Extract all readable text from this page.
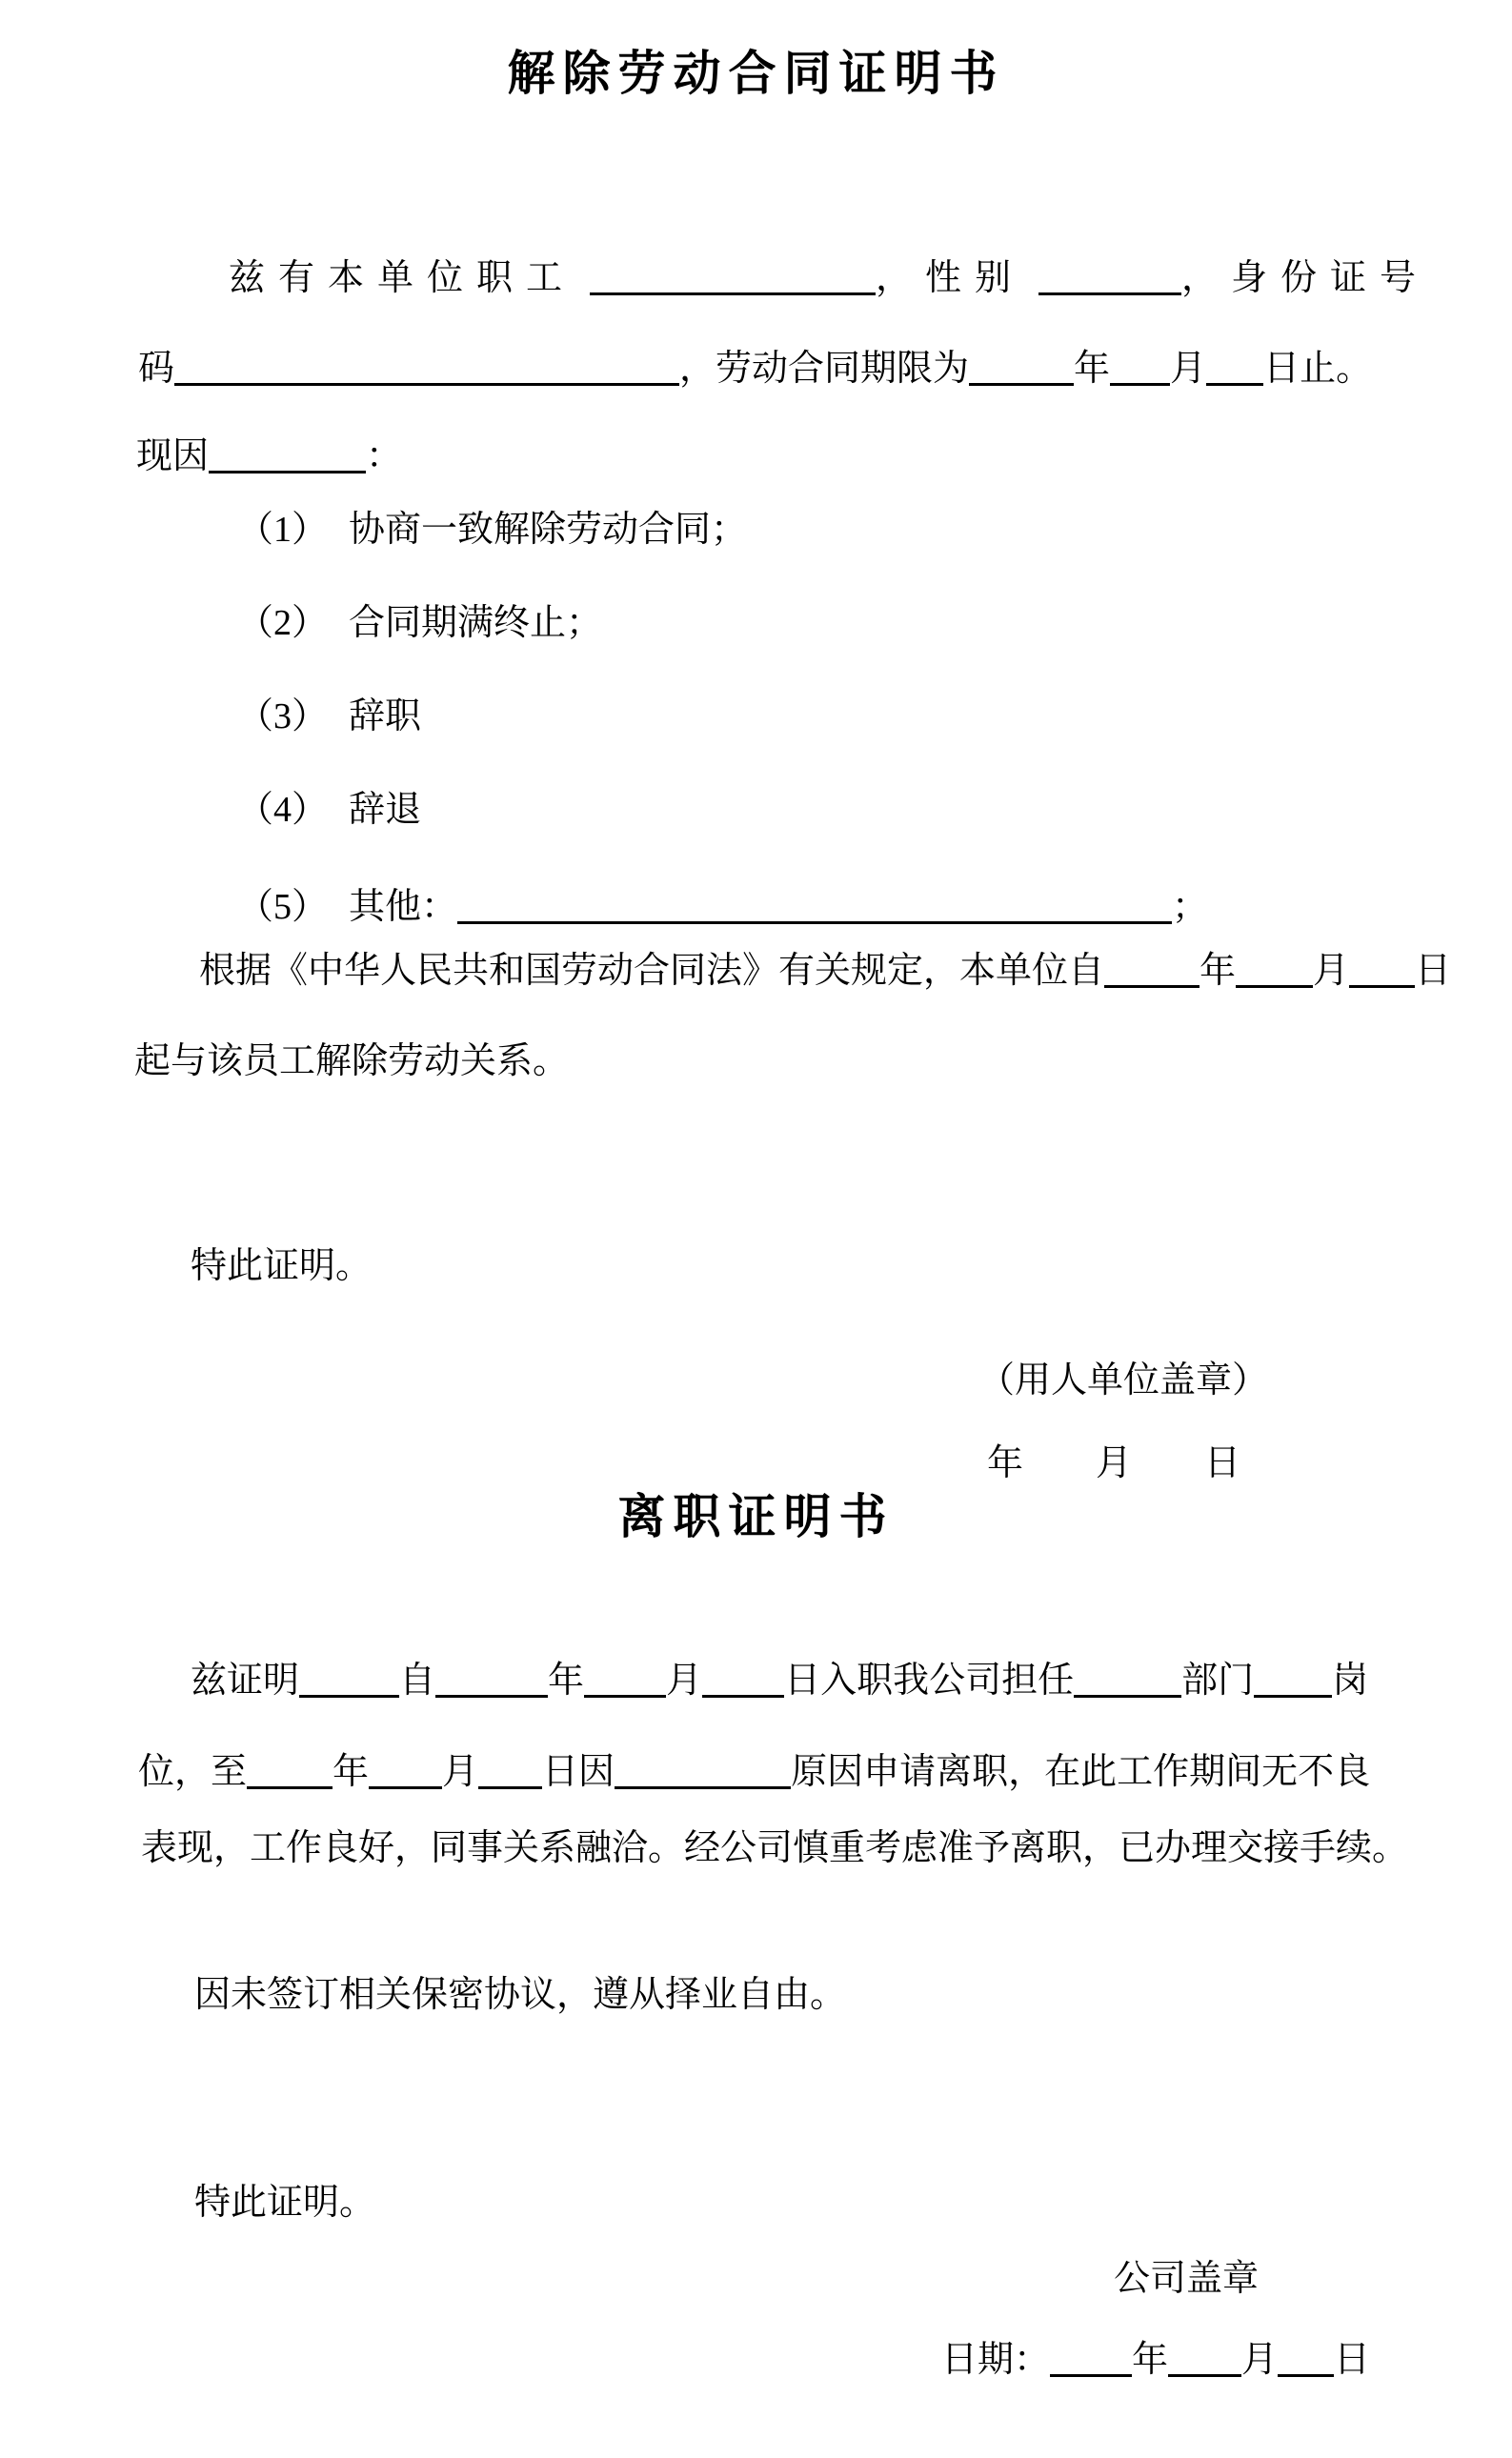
解除劳动合同证明书
兹有本单位职工	，性别	，身份证号
码	，劳动合同期限为	年 月 日止。
现因	：
（1） 协商一致解除劳动合同；
（2） 合同期满终止；
（3） 辞职
（4） 辞退
（5） 其他：	；
根据《中华人民共和国劳动合同法》有关规定，本单位自	年 月 日
起与该员工解除劳动关系。
特此证明。
（用人单位盖章）
年　　月　　日
离职证明书
兹证明	自	年 月 日入职我公司担任	部门 岗
位，至 年 月 日因	原因申请离职，在此工作期间无不良
表现，工作良好，同事关系融洽。经公司慎重考虑准予离职，已办理交接手续。
因未签订相关保密协议，遵从择业自由。
特此证明。
公司盖章
日期： 年 月 日
